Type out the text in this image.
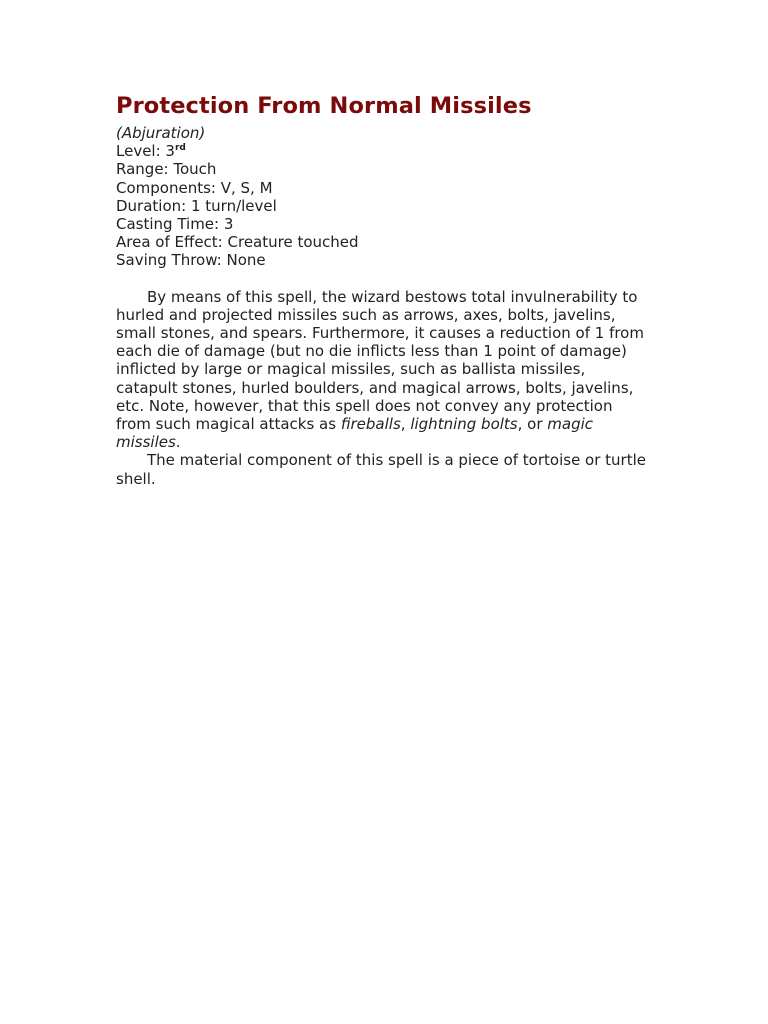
Protection From Normal Missiles
(Abjuration)
Level: 3rd
Range: Touch
Components: V, S, M
Duration: 1 turn/level
Casting Time: 3
Area of Effect: Creature touched
Saving Throw: None

By means of this spell, the wizard bestows total invulnerability to hurled and projected missiles such as arrows, axes, bolts, javelins, small stones, and spears. Furthermore, it causes a reduction of 1 from each die of damage (but no die inflicts less than 1 point of damage) inflicted by large or magical missiles, such as ballista missiles, catapult stones, hurled boulders, and magical arrows, bolts, javelins, etc. Note, however, that this spell does not convey any protection from such magical attacks as fireballs, lightning bolts, or magic missiles.

The material component of this spell is a piece of tortoise or turtle shell.
